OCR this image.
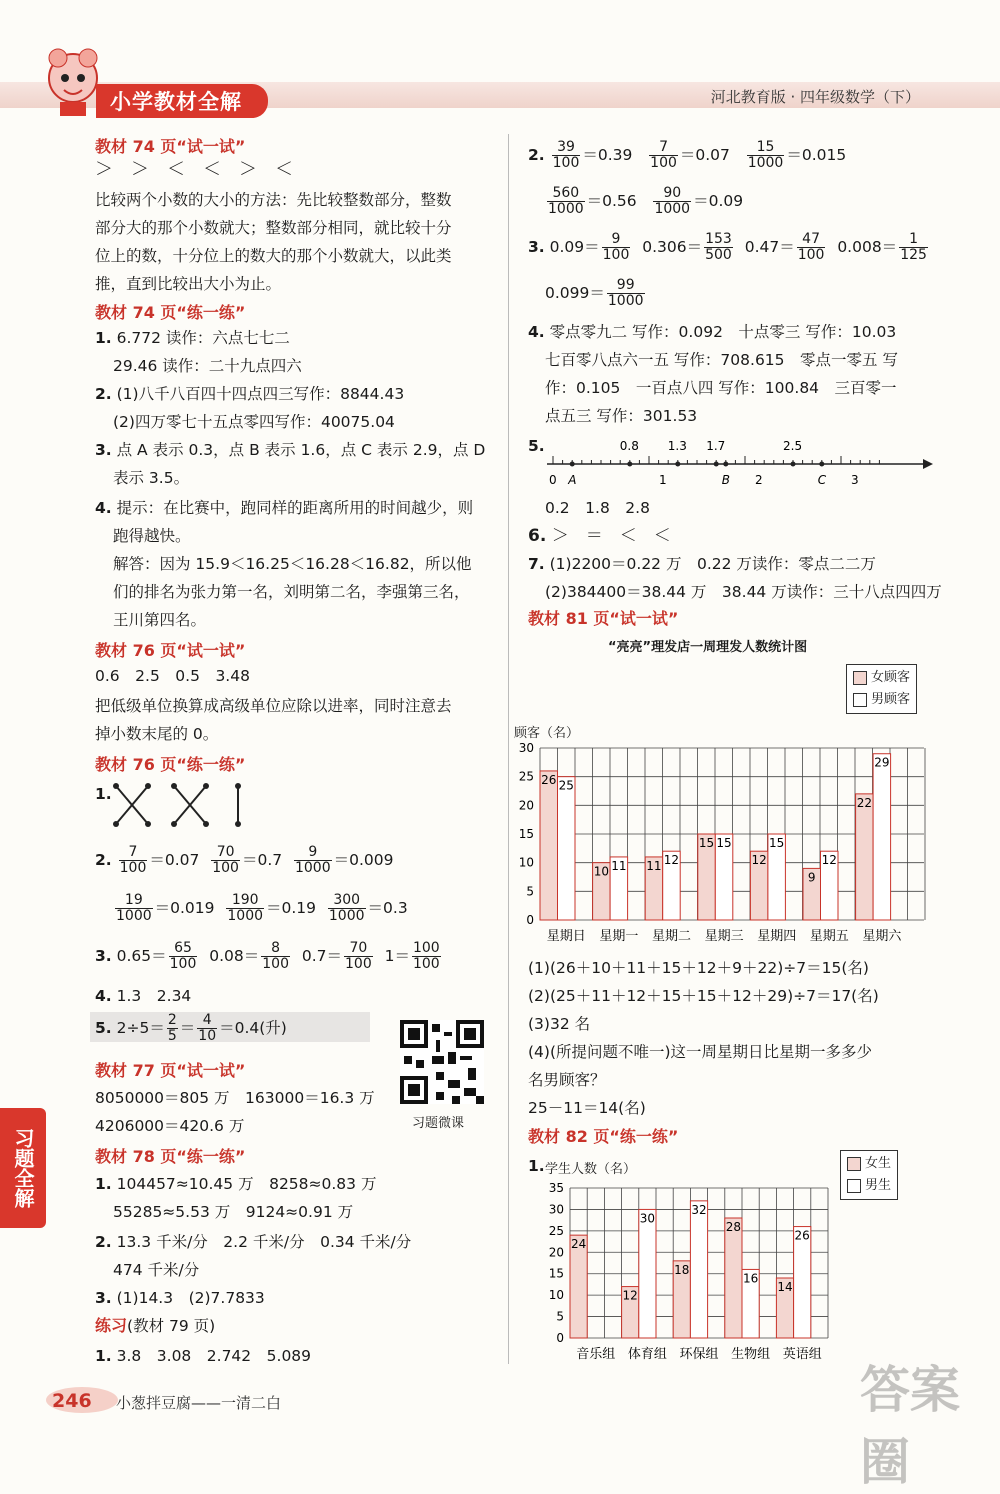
小学教材全解	河北教育版 · 四年级数学（下）
教材 74 页“试一试”
＞　＞　＜　＜　＞　＜
比较两个小数的大小的方法：先比较整数部分，整数
部分大的那个小数就大；整数部分相同，就比较十分
位上的数，十分位上的数大的那个小数就大，以此类
推，直到比较出大小为止。
教材 74 页“练一练”
1. 6.772 读作：六点七七二
29.46 读作：二十九点四六
2. (1)八千八百四十四点四三写作：8844.43
(2)四万零七十五点零四写作：40075.04
3. 点 A 表示 0.3，点 B 表示 1.6，点 C 表示 2.9，点 D
表示 3.5。
4. 提示：在比赛中，跑同样的距离所用的时间越少，则
跑得越快。
解答：因为 15.9＜16.25＜16.28＜16.82，所以他
们的排名为张力第一名，刘明第二名，李强第三名，
王川第四名。
教材 76 页“试一试”
0.6　2.5　0.5　3.48
把低级单位换算成高级单位应除以进率，同时注意去
掉小数末尾的 0。
教材 76 页“练一练”
1.
2. $\frac{7}{100} =0.07 \frac{70}{100} =0.7 \frac{9}{1000} =0.009$
$\frac{19}{1000} =0.019 \frac{190}{1000} =0.19 \frac{300}{1000} =0.3$
3. $0.65= \frac{65}{100} 0.08= \frac{8}{100} 0.7= \frac{70}{100} 1= \frac{100}{100}$
4. 1.3　2.34
5. $2\div 5= \frac{2}{5} = \frac{4}{10} =0.4$(升)
习题微课
教材 77 页“试一试”
8050000＝805 万　163000＝16.3 万
4206000＝420.6 万
教材 78 页“练一练”
1. 104457≈10.45 万　8258≈0.83 万
55285≈5.53 万　9124≈0.91 万
2. 13.3 千米/分　2.2 千米/分　0.34 千米/分
474 千米/分
3. (1)14.3　(2)7.7833
练习(教材 79 页)
1. 3.8　3.08　2.742　5.089
习题全解
246 小葱拌豆腐——一清二白
2. $\frac{39}{100} =0.39 \frac{7}{100} =0.07 \frac{15}{1000} =0.015$
$\frac{560}{1000} =0.56 \frac{90}{1000} =0.09$
3. $0.09= \frac{9}{100} 0.306= \frac{153}{500} 0.47= \frac{47}{100} 0.008= \frac{1}{125}$
$0.099= \frac{99}{1000}$
4. 零点零九二 写作：0.092　十点零三 写作：10.03
七百零八点六一五 写作：708.615　零点一零五 写
作：0.105　一百点八四 写作：100.84　三百零一
点五三 写作：301.53
5.
0	1	2	3
A	B	C
0.8 1.3 1.7	2.5
0.2　1.8　2.8
6. ＞　＝　＜　＜
7. (1)2200＝0.22 万　0.22 万读作：零点二二万
(2)384400＝38.44 万　38.44 万读作：三十八点四四万
教材 81 页“试一试”
“亮亮”理发店一周理发人数统计图
女顾客
男顾客
顾客（名）
0
5
10
15
20
25
30
26 25
星期日
10 11
星期一
11 12
星期二
15 15
星期三
12
15
星期四
9
12
星期五
22
29
星期六
(1)(26＋10＋11＋15＋12＋9＋22)÷7＝15(名)
(2)(25＋11＋12＋15＋15＋12＋29)÷7＝17(名)
(3)32 名
(4)(所提问题不唯一)这一周星期日比星期一多多少
名男顾客？
25－11＝14(名)
教材 82 页“练一练”
1. 学生人数（名）	女生
男生
0
5
10
15
20
25
30
35
24
音乐组
12
30
体育组
18
32
环保组
28
16
生物组
14
26
英语组
答案圈
